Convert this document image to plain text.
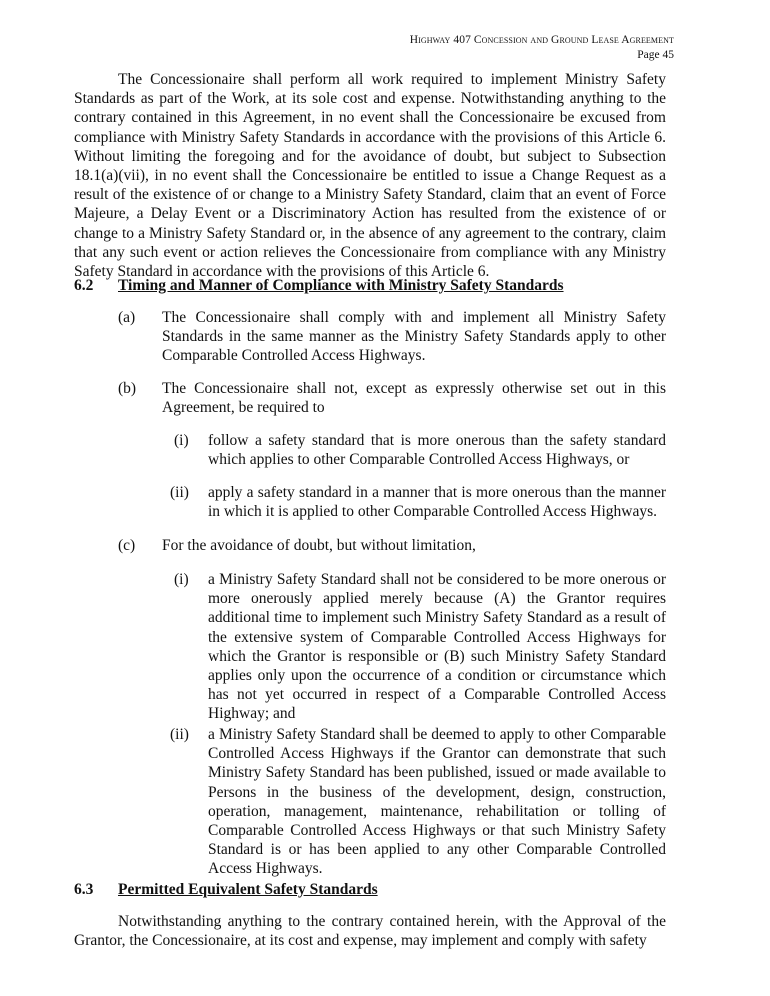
Highway 407 Concession and Ground Lease Agreement
Page 45
The Concessionaire shall perform all work required to implement Ministry Safety Standards as part of the Work, at its sole cost and expense. Notwithstanding anything to the contrary contained in this Agreement, in no event shall the Concessionaire be excused from compliance with Ministry Safety Standards in accordance with the provisions of this Article 6. Without limiting the foregoing and for the avoidance of doubt, but subject to Subsection 18.1(a)(vii), in no event shall the Concessionaire be entitled to issue a Change Request as a result of the existence of or change to a Ministry Safety Standard, claim that an event of Force Majeure, a Delay Event or a Discriminatory Action has resulted from the existence of or change to a Ministry Safety Standard or, in the absence of any agreement to the contrary, claim that any such event or action relieves the Concessionaire from compliance with any Ministry Safety Standard in accordance with the provisions of this Article 6.
6.2 Timing and Manner of Compliance with Ministry Safety Standards
(a) The Concessionaire shall comply with and implement all Ministry Safety Standards in the same manner as the Ministry Safety Standards apply to other Comparable Controlled Access Highways.
(b) The Concessionaire shall not, except as expressly otherwise set out in this Agreement, be required to
(i) follow a safety standard that is more onerous than the safety standard which applies to other Comparable Controlled Access Highways, or
(ii) apply a safety standard in a manner that is more onerous than the manner in which it is applied to other Comparable Controlled Access Highways.
(c) For the avoidance of doubt, but without limitation,
(i) a Ministry Safety Standard shall not be considered to be more onerous or more onerously applied merely because (A) the Grantor requires additional time to implement such Ministry Safety Standard as a result of the extensive system of Comparable Controlled Access Highways for which the Grantor is responsible or (B) such Ministry Safety Standard applies only upon the occurrence of a condition or circumstance which has not yet occurred in respect of a Comparable Controlled Access Highway; and
(ii) a Ministry Safety Standard shall be deemed to apply to other Comparable Controlled Access Highways if the Grantor can demonstrate that such Ministry Safety Standard has been published, issued or made available to Persons in the business of the development, design, construction, operation, management, maintenance, rehabilitation or tolling of Comparable Controlled Access Highways or that such Ministry Safety Standard is or has been applied to any other Comparable Controlled Access Highways.
6.3 Permitted Equivalent Safety Standards
Notwithstanding anything to the contrary contained herein, with the Approval of the Grantor, the Concessionaire, at its cost and expense, may implement and comply with safety
